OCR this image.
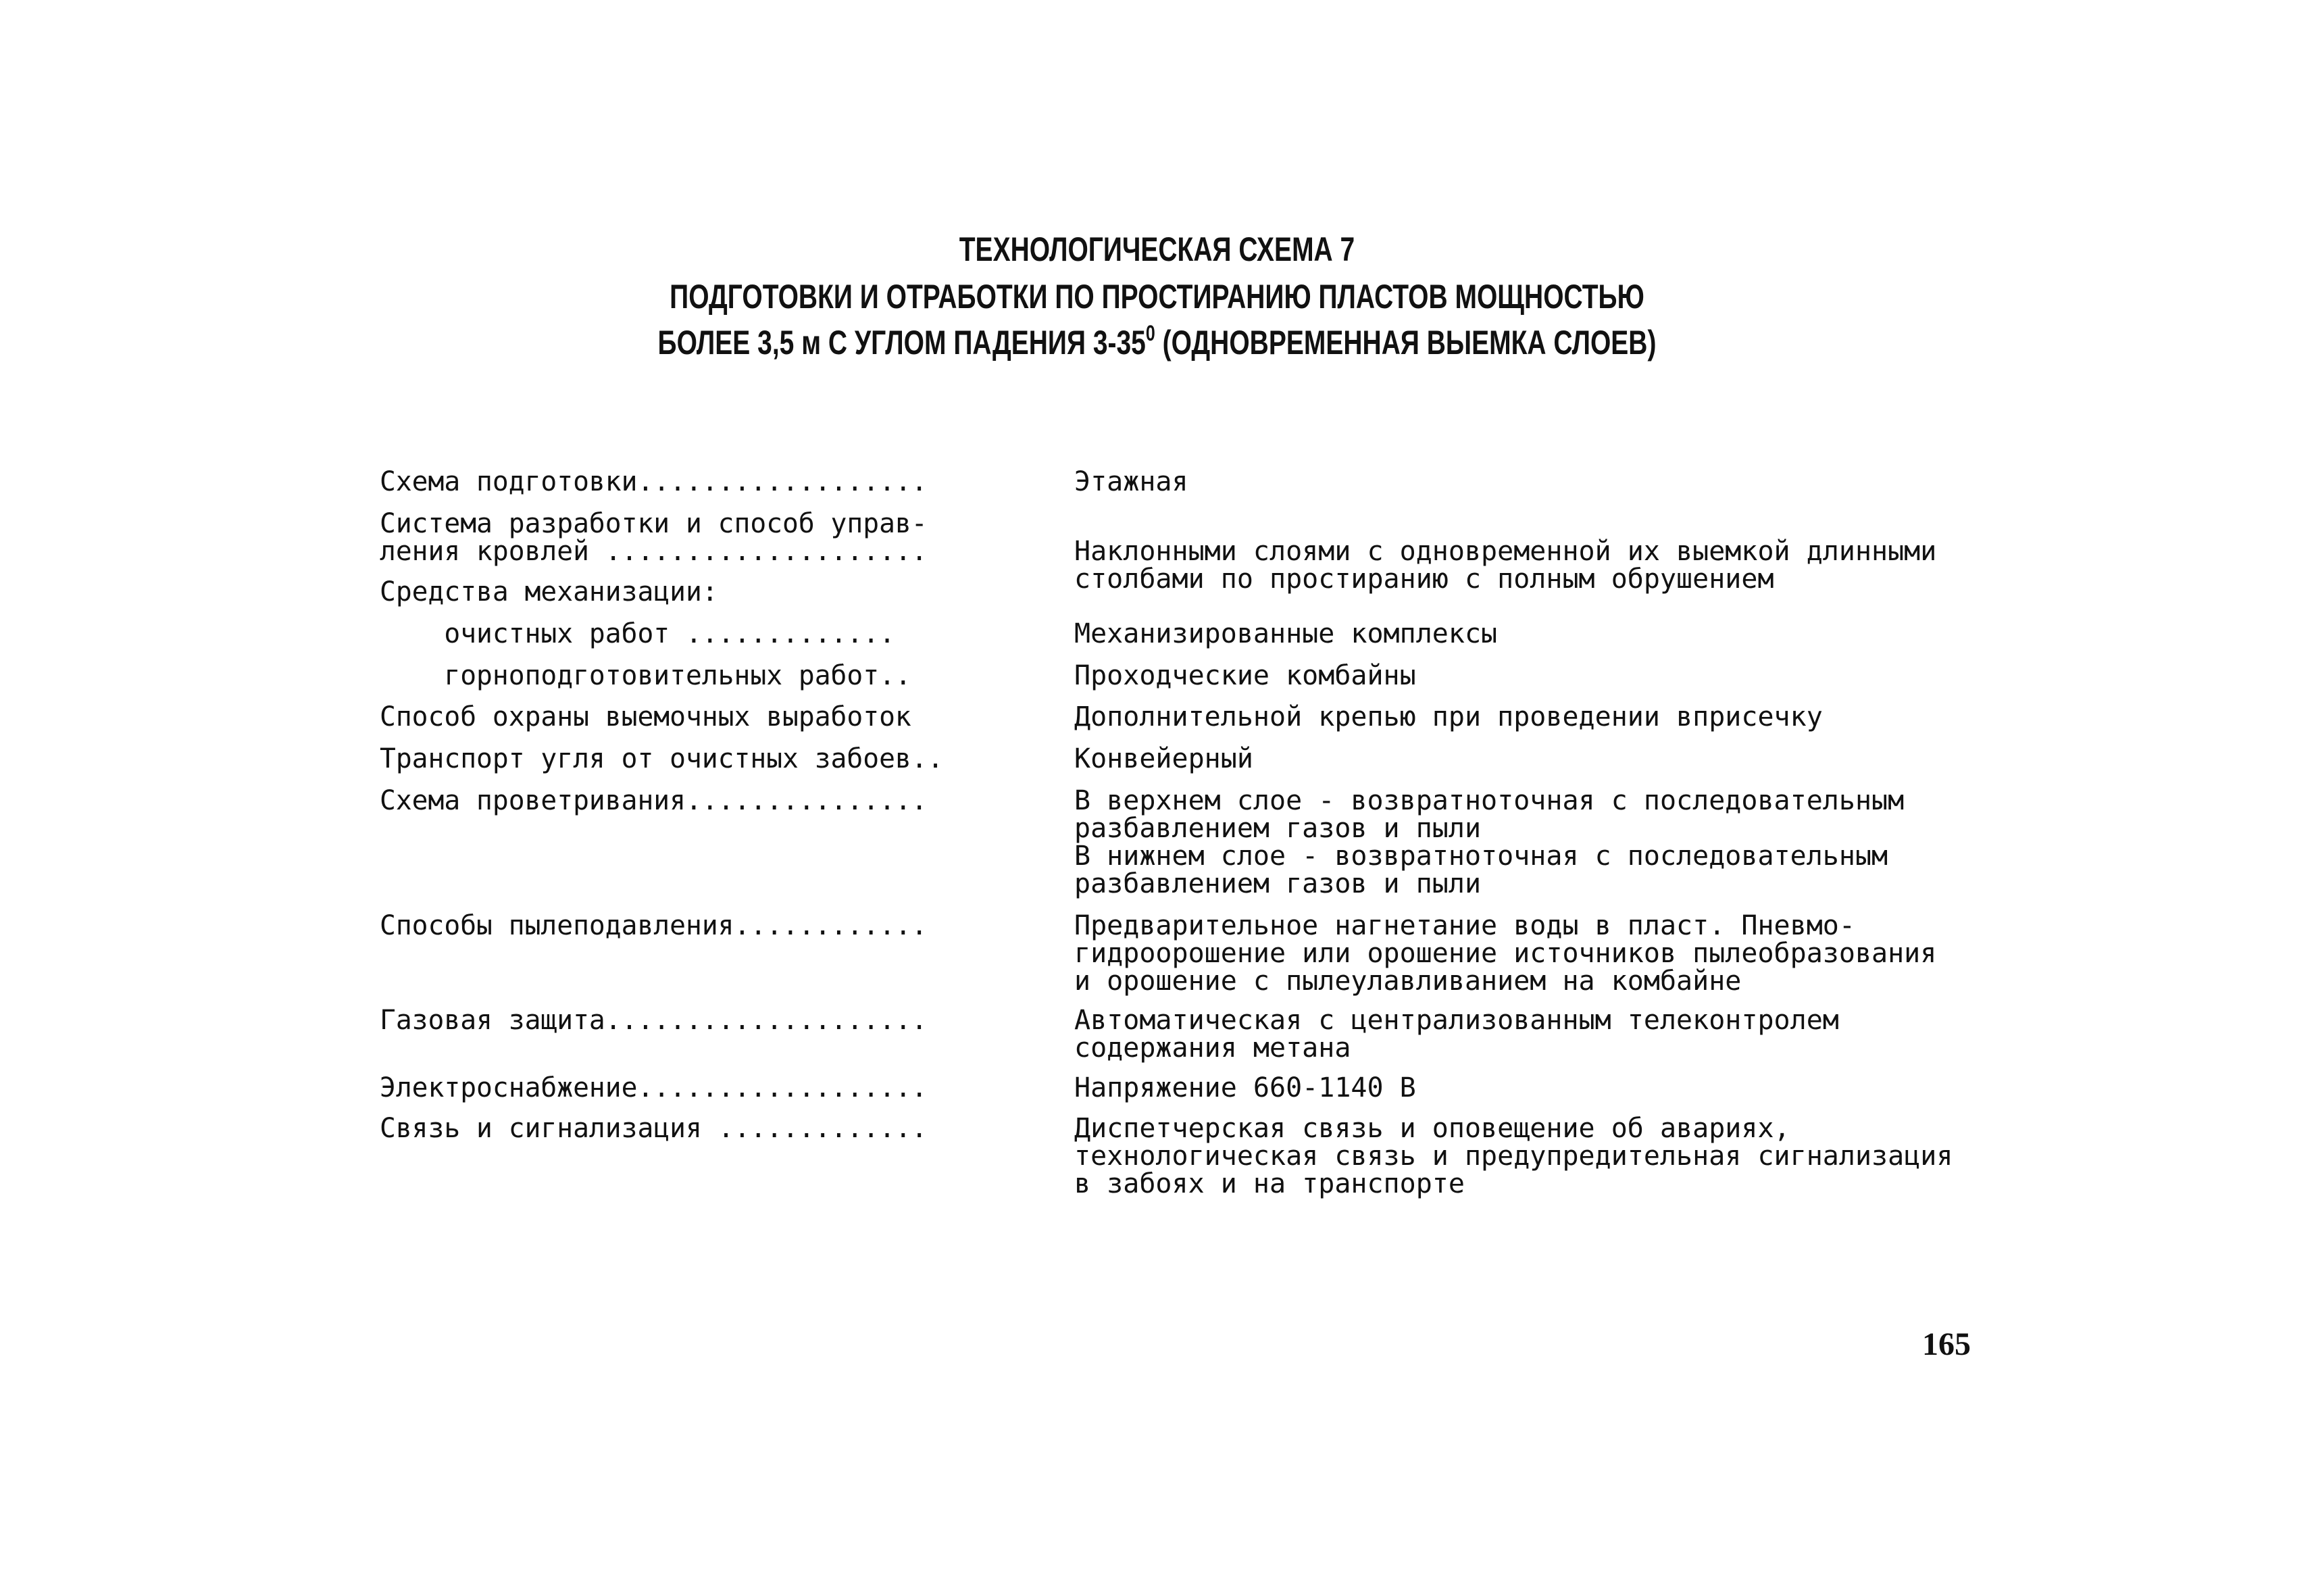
ТЕХНОЛОГИЧЕСКАЯ СХЕМА 7
ПОДГОТОВКИ И ОТРАБОТКИ ПО ПРОСТИРАНИЮ ПЛАСТОВ МОЩНОСТЬЮ
БОЛЕЕ 3,5 м С УГЛОМ ПАДЕНИЯ $3-35^0$ (ОДНОВРЕМЕННАЯ ВЫЕМКА СЛОЕВ)
Схема подготовки..................
Система разработки и способ управ-
ления кровлей ....................
Средства механизации:
очистных работ .............
горноподготовительных работ..
Способ охраны выемочных выработок
Транспорт угля от очистных забоев..
Схема проветривания...............
Способы пылеподавления............
Газовая защита....................
Электроснабжение..................
Связь и сигнализация .............
Этажная
Наклонными слоями с одновременной их выемкой длинными
столбами по простиранию с полным обрушением
Механизированные комплексы
Проходческие комбайны
Дополнительной крепью при проведении вприсечку
Конвейерный
В верхнем слое - возвратноточная с последовательным
разбавлением газов и пыли
В нижнем слое - возвратноточная с последовательным
разбавлением газов и пыли
Предварительное нагнетание воды в пласт. Пневмо-
гидроорошение или орошение источников пылеобразования
и орошение с пылеулавливанием на комбайне
Автоматическая с централизованным телеконтролем
содержания метана
Напряжение 660-1140 В
Диспетчерская связь и оповещение об авариях,
технологическая связь и предупредительная сигнализация
в забоях и на транспорте
165
